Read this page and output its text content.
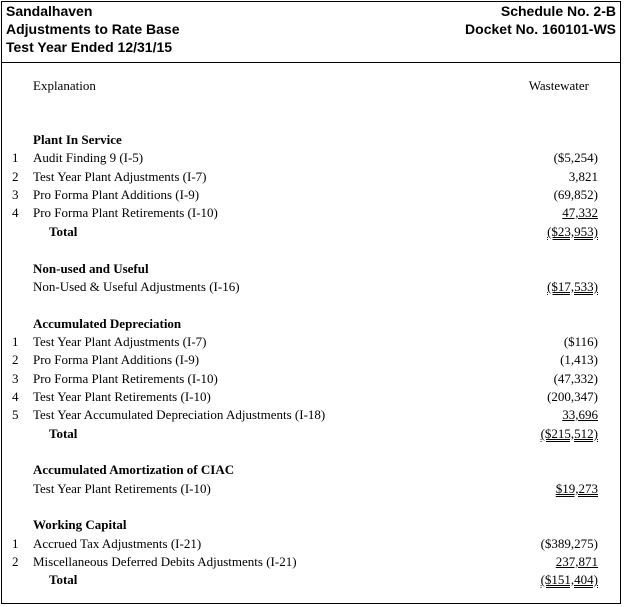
Sandalhaven
Adjustments to Rate Base
Test Year Ended 12/31/15
Schedule No. 2-B
Docket No. 160101-WS
Explanation	Wastewater
Plant In Service
1	Audit Finding 9 (I-5)	($5,254)
2	Test Year Plant Adjustments (I-7)	3,821
3	Pro Forma Plant Additions (I-9)	(69,852)
4	Pro Forma Plant Retirements (I-10)	47,332
Total	($23,953)
Non-used and Useful
Non-Used & Useful Adjustments (I-16)	($17,533)
Accumulated Depreciation
1	Test Year Plant Adjustments (I-7)	($116)
2	Pro Forma Plant Additions (I-9)	(1,413)
3	Pro Forma Plant Retirements (I-10)	(47,332)
4	Test Year Plant Retirements (I-10)	(200,347)
5	Test Year Accumulated Depreciation Adjustments (I-18)	33,696
Total	($215,512)
Accumulated Amortization of CIAC
Test Year Plant Retirements (I-10)	$19,273
Working Capital
1	Accrued Tax Adjustments (I-21)	($389,275)
2	Miscellaneous Deferred Debits Adjustments (I-21)	237,871
Total	($151,404)
